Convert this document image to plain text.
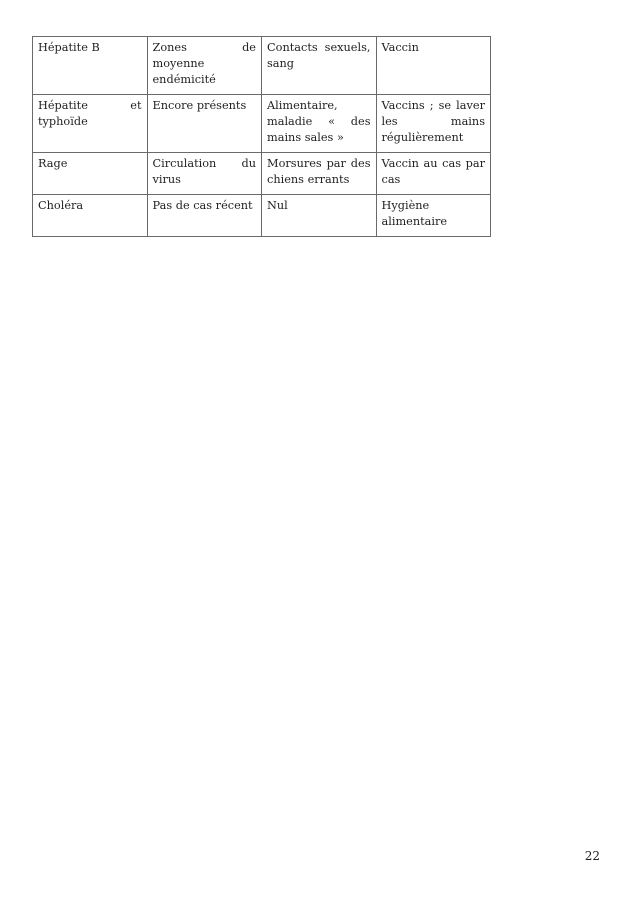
Hépatite B	Zones de moyenne endémicité	Contacts sexuels, sang	Vaccin
Hépatite et typhoïde	Encore présents	Alimentaire, maladie « des mains sales »	Vaccins ; se laver les mains régulièrement
Rage	Circulation du virus	Morsures par des chiens errants	Vaccin au cas par cas
Choléra	Pas de cas récent	Nul	Hygiène alimentaire
22
